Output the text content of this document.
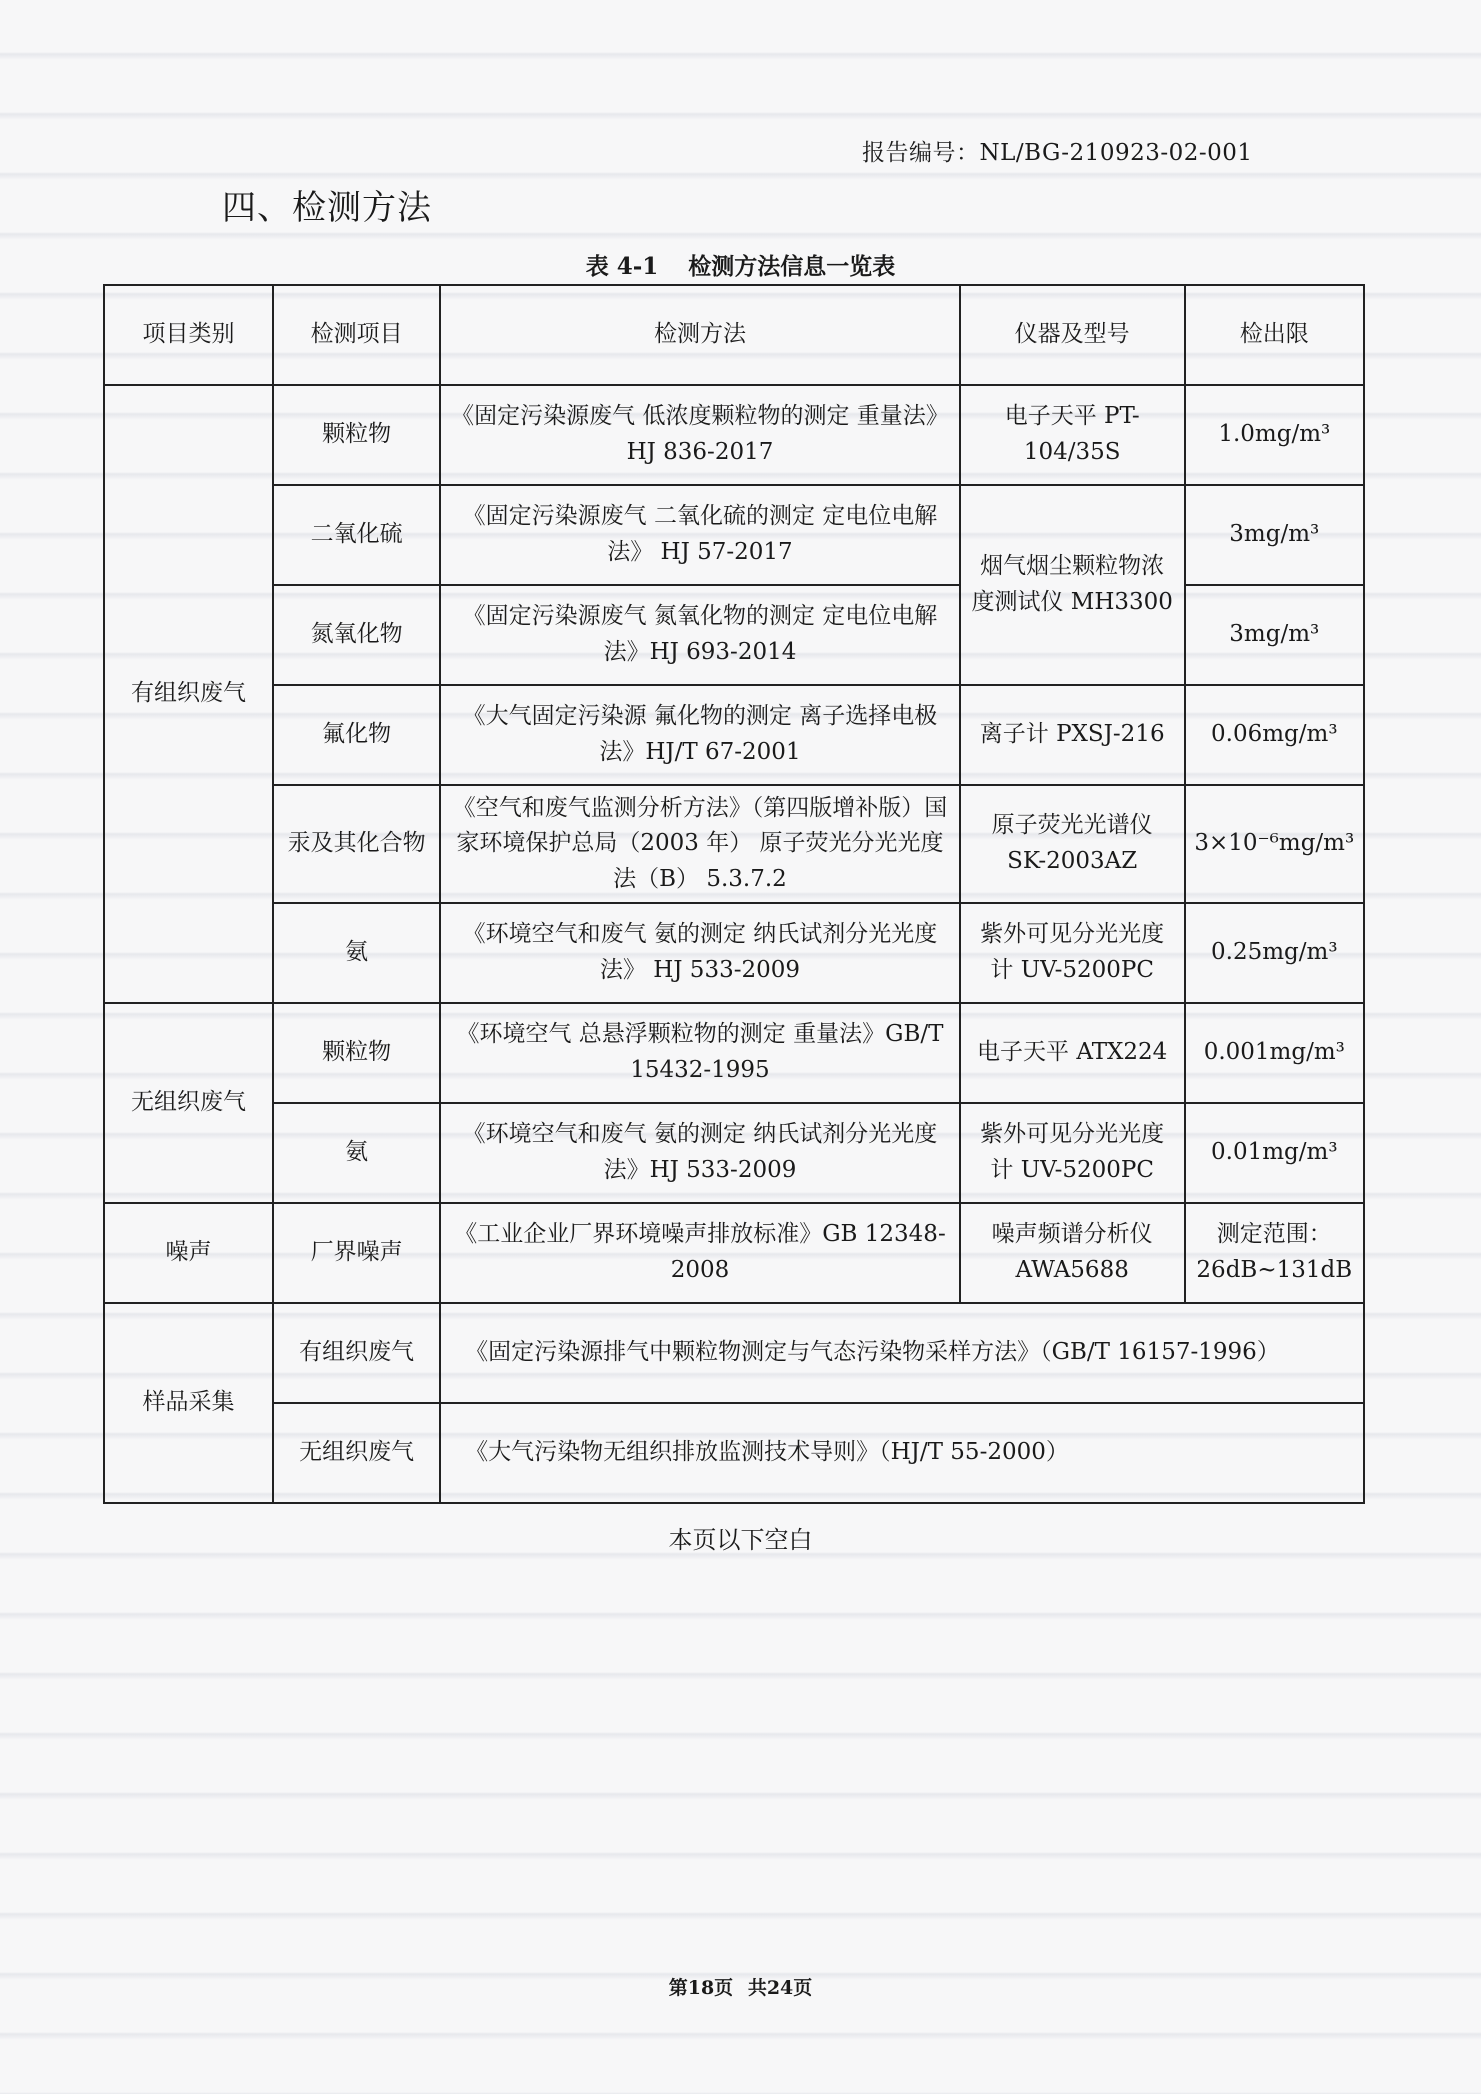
报告编号：NL/BG-210923-02-001
四、检测方法
表 4-1 检测方法信息一览表
项目类别	检测项目	检测方法	仪器及型号	检出限
有组织废气	颗粒物	《固定污染源废气 低浓度颗粒物的测定 重量法》HJ 836-2017	电子天平 PT-104/35S	1.0mg/m³
	二氧化硫	《固定污染源废气 二氧化硫的测定 定电位电解法》 HJ 57-2017	烟气烟尘颗粒物浓度测试仪 MH3300	3mg/m³
	氮氧化物	《固定污染源废气 氮氧化物的测定 定电位电解法》HJ 693-2014		3mg/m³
	氟化物	《大气固定污染源 氟化物的测定 离子选择电极法》HJ/T 67-2001	离子计 PXSJ-216	0.06mg/m³
	汞及其化合物	《空气和废气监测分析方法》（第四版增补版）国家环境保护总局（2003 年） 原子荧光分光光度法（B） 5.3.7.2	原子荧光光谱仪 SK-2003AZ	3×10⁻⁶mg/m³
	氨	《环境空气和废气 氨的测定 纳氏试剂分光光度法》 HJ 533-2009	紫外可见分光光度计 UV-5200PC	0.25mg/m³
无组织废气	颗粒物	《环境空气 总悬浮颗粒物的测定 重量法》GB/T 15432-1995	电子天平 ATX224	0.001mg/m³
	氨	《环境空气和废气 氨的测定 纳氏试剂分光光度法》HJ 533-2009	紫外可见分光光度计 UV-5200PC	0.01mg/m³
噪声	厂界噪声	《工业企业厂界环境噪声排放标准》GB 12348-2008	噪声频谱分析仪 AWA5688	测定范围：26dB~131dB
样品采集	有组织废气	《固定污染源排气中颗粒物测定与气态污染物采样方法》（GB/T 16157-1996）		
	无组织废气	《大气污染物无组织排放监测技术导则》（HJ/T 55-2000）		
本页以下空白
第18页 共24页
